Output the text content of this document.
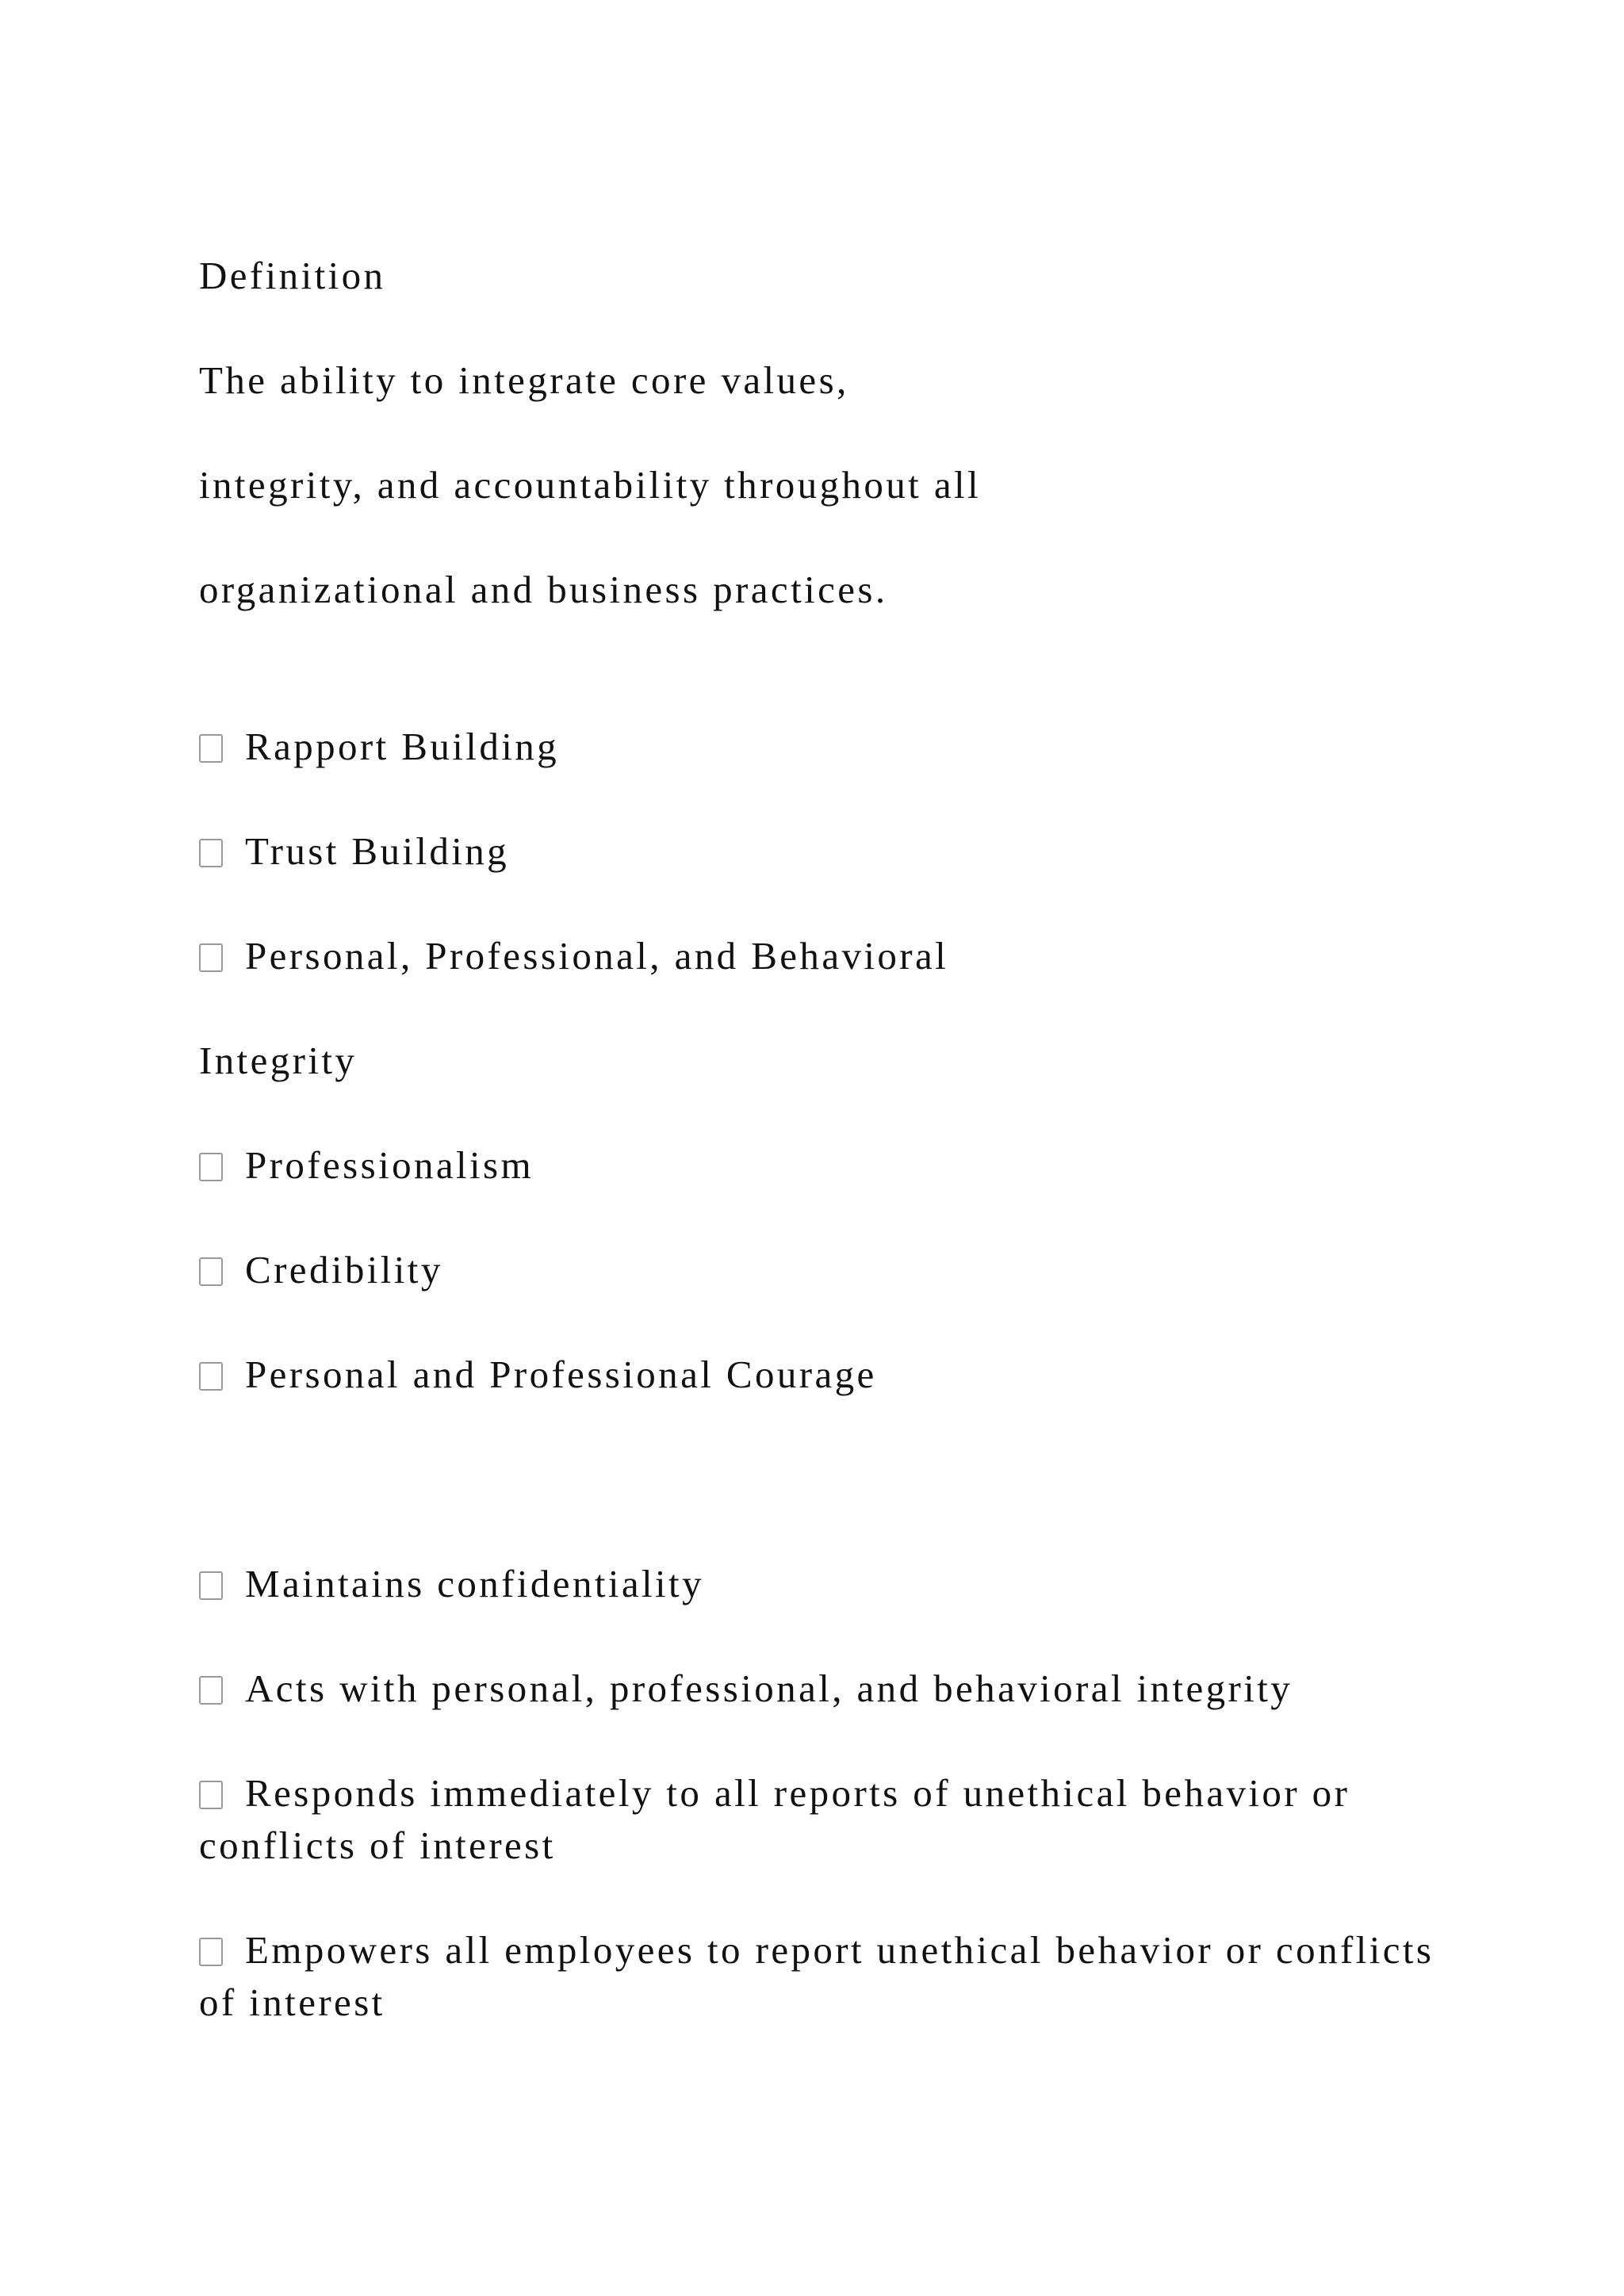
Definition
The ability to integrate core values,
integrity, and accountability throughout all
organizational and business practices.
Rapport Building
Trust Building
Personal, Professional, and Behavioral
Integrity
Professionalism
Credibility
Personal and Professional Courage
Maintains confidentiality
Acts with personal, professional, and behavioral integrity
Responds immediately to all reports of unethical behavior or conflicts of interest
Empowers all employees to report unethical behavior or conflicts of interest
